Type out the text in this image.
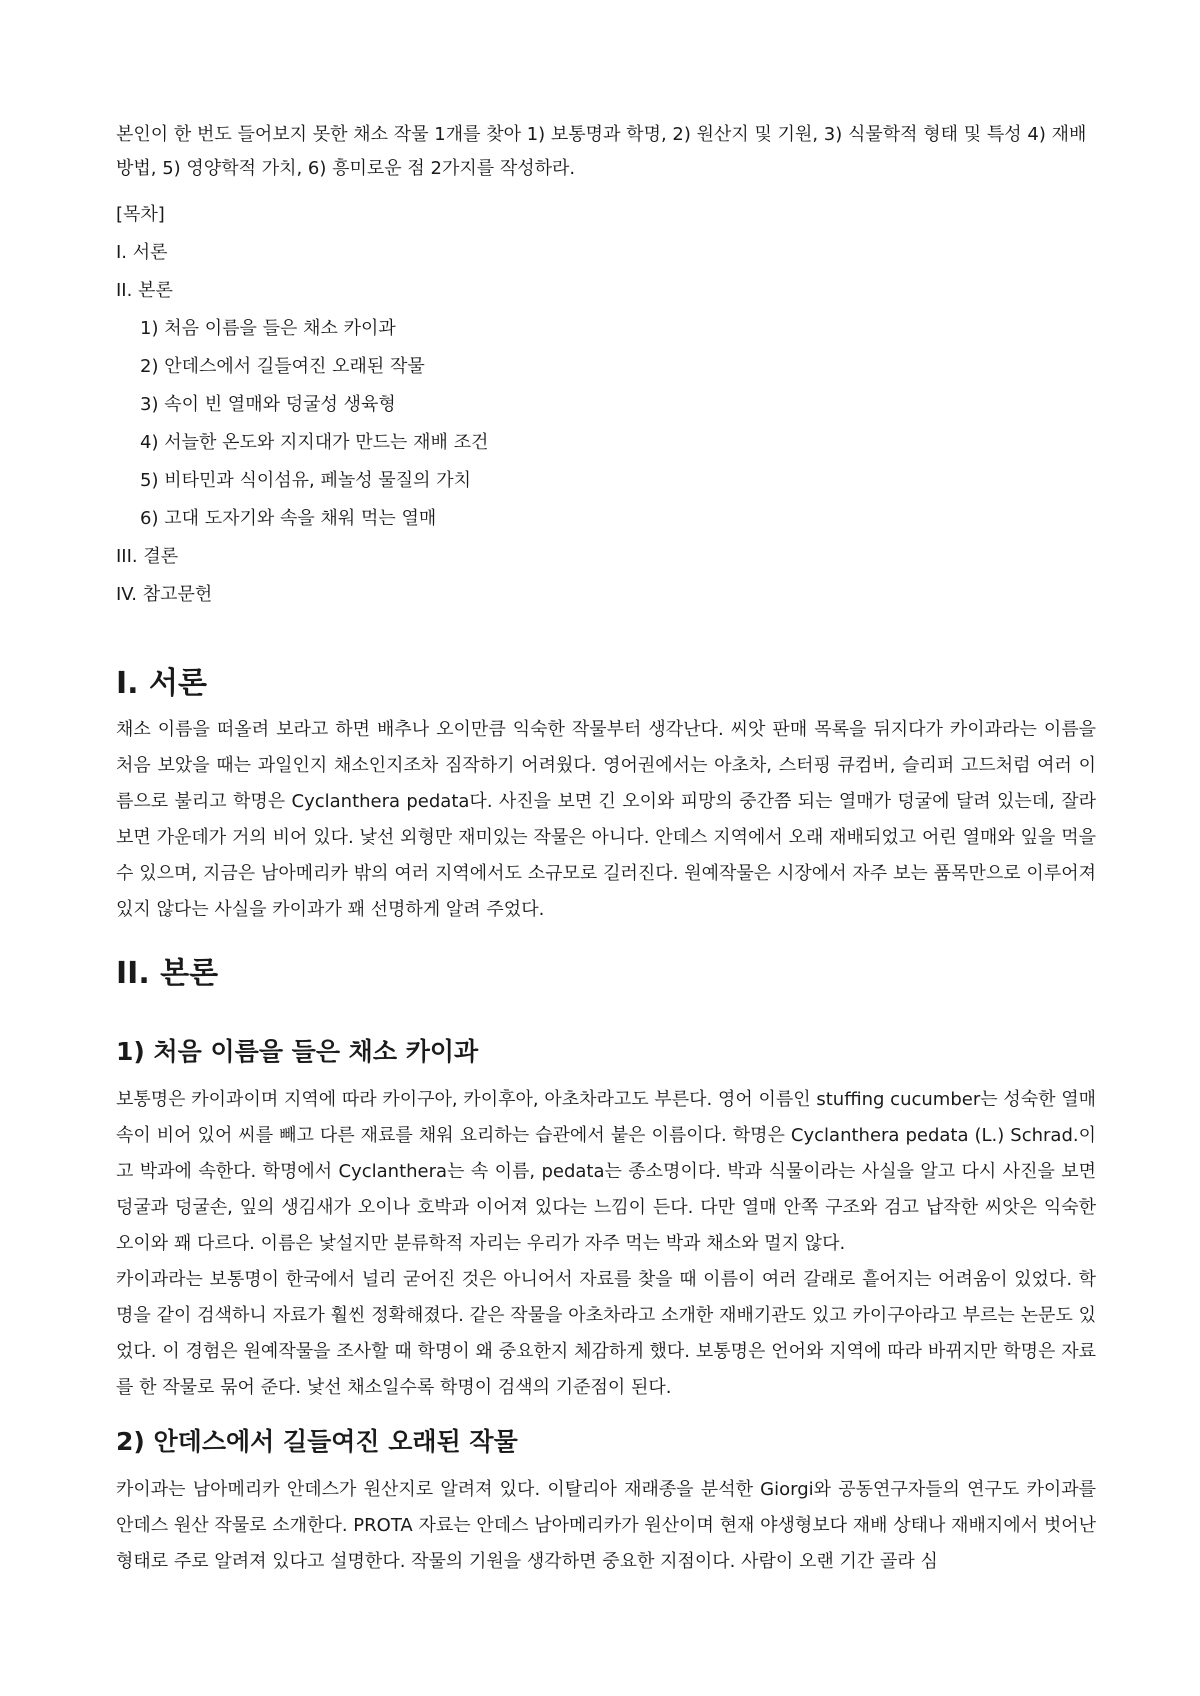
본인이 한 번도 들어보지 못한 채소 작물 1개를 찾아 1) 보통명과 학명, 2) 원산지 및 기원, 3) 식물학적 형태 및 특성 4) 재배 방법, 5) 영양학적 가치, 6) 흥미로운 점 2가지를 작성하라.

[목차]
I. 서론
II. 본론
1) 처음 이름을 들은 채소 카이과
2) 안데스에서 길들여진 오래된 작물
3) 속이 빈 열매와 덩굴성 생육형
4) 서늘한 온도와 지지대가 만드는 재배 조건
5) 비타민과 식이섬유, 페놀성 물질의 가치
6) 고대 도자기와 속을 채워 먹는 열매
III. 결론
IV. 참고문헌
I. 서론

채소 이름을 떠올려 보라고 하면 배추나 오이만큼 익숙한 작물부터 생각난다. 씨앗 판매 목록을 뒤지다가 카이과라는 이름을 처음 보았을 때는 과일인지 채소인지조차 짐작하기 어려웠다. 영어권에서는 아초차, 스터핑 큐컴버, 슬리퍼 고드처럼 여러 이름으로 불리고 학명은 Cyclanthera pedata다. 사진을 보면 긴 오이와 피망의 중간쯤 되는 열매가 덩굴에 달려 있는데, 잘라 보면 가운데가 거의 비어 있다. 낯선 외형만 재미있는 작물은 아니다. 안데스 지역에서 오래 재배되었고 어린 열매와 잎을 먹을 수 있으며, 지금은 남아메리카 밖의 여러 지역에서도 소규모로 길러진다. 원예작물은 시장에서 자주 보는 품목만으로 이루어져 있지 않다는 사실을 카이과가 꽤 선명하게 알려 주었다.

II. 본론
1) 처음 이름을 들은 채소 카이과

보통명은 카이과이며 지역에 따라 카이구아, 카이후아, 아초차라고도 부른다. 영어 이름인 stuffing cucumber는 성숙한 열매 속이 비어 있어 씨를 빼고 다른 재료를 채워 요리하는 습관에서 붙은 이름이다. 학명은 Cyclanthera pedata (L.) Schrad.이고 박과에 속한다. 학명에서 Cyclanthera는 속 이름, pedata는 종소명이다. 박과 식물이라는 사실을 알고 다시 사진을 보면 덩굴과 덩굴손, 잎의 생김새가 오이나 호박과 이어져 있다는 느낌이 든다. 다만 열매 안쪽 구조와 검고 납작한 씨앗은 익숙한 오이와 꽤 다르다. 이름은 낯설지만 분류학적 자리는 우리가 자주 먹는 박과 채소와 멀지 않다.

카이과라는 보통명이 한국에서 널리 굳어진 것은 아니어서 자료를 찾을 때 이름이 여러 갈래로 흩어지는 어려움이 있었다. 학명을 같이 검색하니 자료가 훨씬 정확해졌다. 같은 작물을 아초차라고 소개한 재배기관도 있고 카이구아라고 부르는 논문도 있었다. 이 경험은 원예작물을 조사할 때 학명이 왜 중요한지 체감하게 했다. 보통명은 언어와 지역에 따라 바뀌지만 학명은 자료를 한 작물로 묶어 준다. 낯선 채소일수록 학명이 검색의 기준점이 된다.

2) 안데스에서 길들여진 오래된 작물

카이과는 남아메리카 안데스가 원산지로 알려져 있다. 이탈리아 재래종을 분석한 Giorgi와 공동연구자들의 연구도 카이과를 안데스 원산 작물로 소개한다. PROTA 자료는 안데스 남아메리카가 원산이며 현재 야생형보다 재배 상태나 재배지에서 벗어난 형태로 주로 알려져 있다고 설명한다. 작물의 기원을 생각하면 중요한 지점이다. 사람이 오랜 기간 골라 심
